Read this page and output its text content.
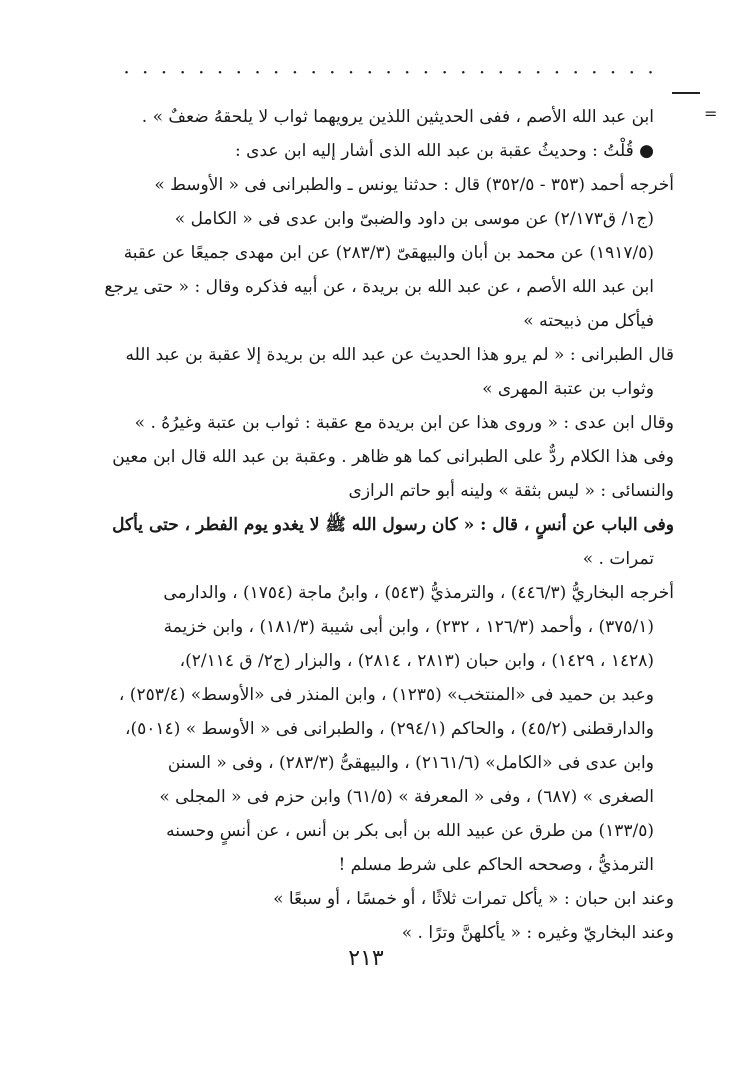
· · · · · · · · · · · · · · · · · · · · · · · · · · · · ·
=
ابن عبد الله الأصم ، ففى الحديثين اللذين يرويهما ثواب لا يلحقهُ ضعفٌ » .
● قُلْتُ : وحديثُ عقبة بن عبد الله الذى أشار إليه ابن عدى :
أخرجه أحمد (٣٥٣ - ٣٥٢/٥) قال : حدثنا يونس ـ والطبرانى فى « الأوسط »
(ج١/ ق٢/١٧٣) عن موسى بن داود والضبىّ وابن عدى فى « الكامل »
(١٩١٧/٥) عن محمد بن أبان والبيهقىّ (٢٨٣/٣) عن ابن مهدى جميعًا عن عقبة
ابن عبد الله الأصم ، عن عبد الله بن بريدة ، عن أبيه فذكره وقال : « حتى يرجع
فيأكل من ذبيحته »
قال الطبرانى : « لم يرو هذا الحديث عن عبد الله بن بريدة إلا عقبة بن عبد الله
وثواب بن عتبة المهرى »
وقال ابن عدى : « وروى هذا عن ابن بريدة مع عقبة : ثواب بن عتبة وغيرُهُ . »
وفى هذا الكلام ردٌّ على الطبرانى كما هو ظاهر . وعقبة بن عبد الله قال ابن معين
والنسائى : « ليس بثقة » ولينه أبو حاتم الرازى
وفى الباب عن أنسٍ ، قال : « كان رسول الله ﷺ لا يغدو يوم الفطر ، حتى يأكل
تمرات . »
أخرجه البخاريُّ (٤٤٦/٣) ، والترمذيُّ (٥٤٣) ، وابنُ ماجة (١٧٥٤) ، والدارمى
(٣٧٥/١) ، وأحمد (١٢٦/٣ ، ٢٣٢) ، وابن أبى شيبة (١٨١/٣) ، وابن خزيمة
(١٤٢٨ ، ١٤٢٩) ، وابن حبان (٢٨١٣ ، ٢٨١٤) ، والبزار (ج٢/ ق ٢/١١٤)،
وعبد بن حميد فى «المنتخب» (١٢٣٥) ، وابن المنذر فى «الأوسط» (٢٥٣/٤) ،
والدارقطنى (٤٥/٢) ، والحاكم (٢٩٤/١) ، والطبرانى فى « الأوسط » (٥٠١٤)،
وابن عدى فى «الكامل» (٢١٦١/٦) ، والبيهقىُّ (٢٨٣/٣) ، وفى « السنن
الصغرى » (٦٨٧) ، وفى « المعرفة » (٦١/٥) وابن حزم فى « المجلى »
(١٣٣/٥) من طرق عن عبيد الله بن أبى بكر بن أنس ، عن أنسٍ وحسنه
الترمذيُّ ، وصححه الحاكم على شرط مسلم !
وعند ابن حبان : « يأكل تمرات ثلاثًا ، أو خمسًا ، أو سبعًا »
وعند البخاريّ وغيره : « يأكلهنَّ وترًا . »
٢١٣
